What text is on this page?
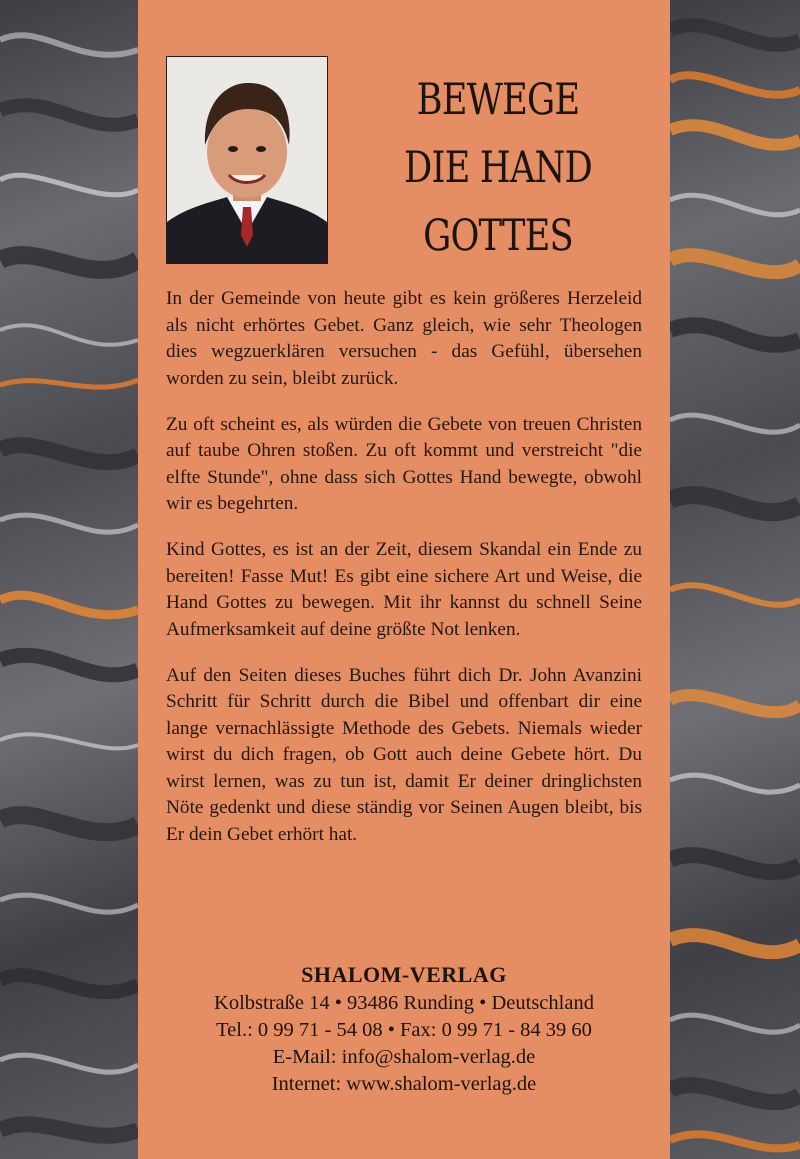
BEWEGE
DIE HAND
GOTTES

In der Gemeinde von heute gibt es kein größeres Herzeleid als nicht erhörtes Gebet. Ganz gleich, wie sehr Theologen dies wegzuerklären versuchen - das Gefühl, übersehen worden zu sein, bleibt zurück.

Zu oft scheint es, als würden die Gebete von treuen Christen auf taube Ohren stoßen. Zu oft kommt und verstreicht "die elfte Stunde", ohne dass sich Gottes Hand bewegte, obwohl wir es begehrten.

Kind Gottes, es ist an der Zeit, diesem Skandal ein Ende zu bereiten! Fasse Mut! Es gibt eine sichere Art und Weise, die Hand Gottes zu bewegen. Mit ihr kannst du schnell Seine Aufmerksamkeit auf deine größte Not lenken.

Auf den Seiten dieses Buches führt dich Dr. John Avanzini Schritt für Schritt durch die Bibel und offenbart dir eine lange vernachlässigte Methode des Gebets. Niemals wieder wirst du dich fragen, ob Gott auch deine Gebete hört. Du wirst lernen, was zu tun ist, damit Er deiner dringlichsten Nöte gedenkt und diese ständig vor Seinen Augen bleibt, bis Er dein Gebet erhört hat.

SHALOM-VERLAG
Kolbstraße 14 • 93486 Runding • Deutschland
Tel.: 0 99 71 - 54 08 • Fax: 0 99 71 - 84 39 60
E-Mail: info@shalom-verlag.de
Internet: www.shalom-verlag.de
